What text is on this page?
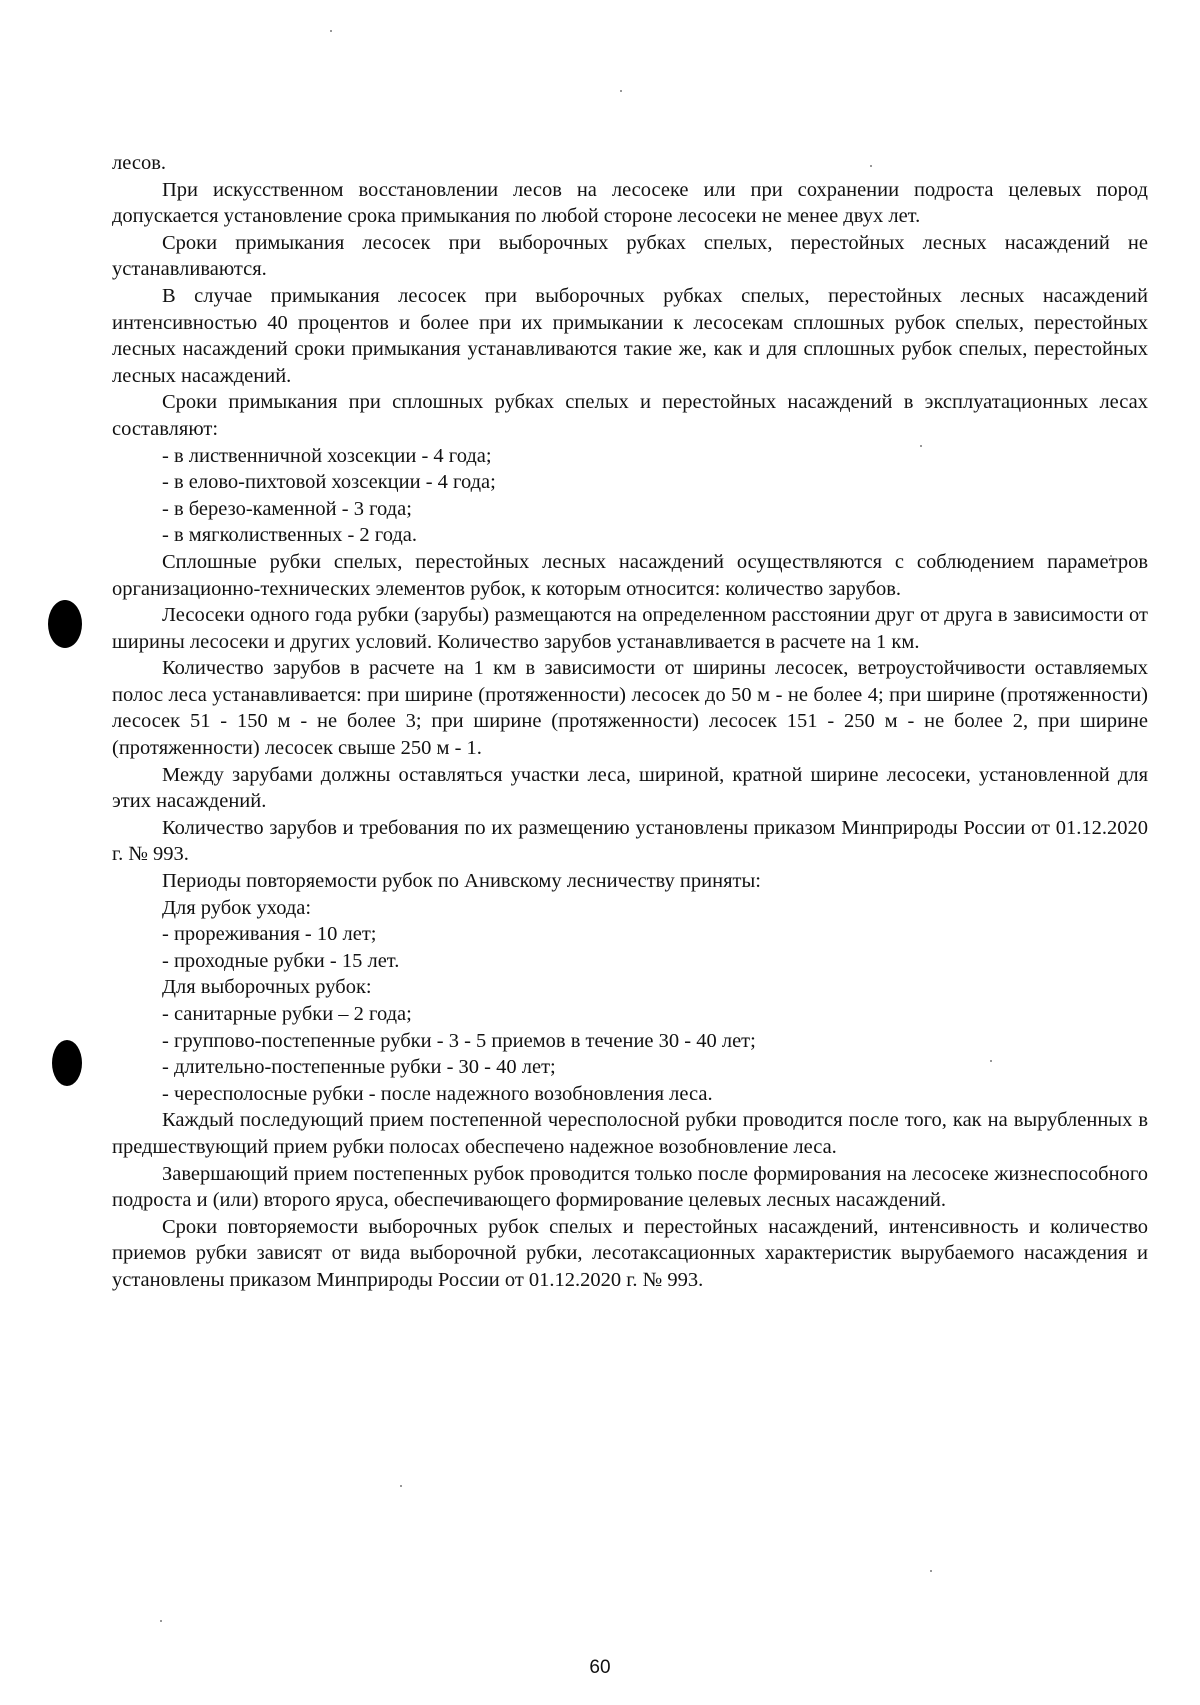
лесов.

При искусственном восстановлении лесов на лесосеке или при сохранении подроста целевых пород допускается установление срока примыкания по любой стороне лесосеки не менее двух лет.

Сроки примыкания лесосек при выборочных рубках спелых, перестойных лесных насаждений не устанавливаются.

В случае примыкания лесосек при выборочных рубках спелых, перестойных лесных насаждений интенсивностью 40 процентов и более при их примыкании к лесосекам сплошных рубок спелых, перестойных лесных насаждений сроки примыкания устанавливаются такие же, как и для сплошных рубок спелых, перестойных лесных насаждений.

Сроки примыкания при сплошных рубках спелых и перестойных насаждений в эксплуатационных лесах составляют:

- в лиственничной хозсекции - 4 года;

- в елово-пихтовой хозсекции - 4 года;

- в березо-каменной - 3 года;

- в мягколиственных - 2 года.

Сплошные рубки спелых, перестойных лесных насаждений осуществляются с соблюдением параметров организационно-технических элементов рубок, к которым относится: количество зарубов.

Лесосеки одного года рубки (зарубы) размещаются на определенном расстоянии друг от друга в зависимости от ширины лесосеки и других условий. Количество зарубов устанавливается в расчете на 1 км.

Количество зарубов в расчете на 1 км в зависимости от ширины лесосек, ветроустойчивости оставляемых полос леса устанавливается: при ширине (протяженности) лесосек до 50 м - не более 4; при ширине (протяженности) лесосек 51 - 150 м - не более 3; при ширине (протяженности) лесосек 151 - 250 м - не более 2, при ширине (протяженности) лесосек свыше 250 м - 1.

Между зарубами должны оставляться участки леса, шириной, кратной ширине лесосеки, установленной для этих насаждений.

Количество зарубов и требования по их размещению установлены приказом Минприроды России от 01.12.2020 г. № 993.

Периоды повторяемости рубок по Анивскому лесничеству приняты:

Для рубок ухода:

- прореживания - 10 лет;

- проходные рубки - 15 лет.

Для выборочных рубок:

- санитарные рубки – 2 года;

- группово-постепенные рубки - 3 - 5 приемов в течение 30 - 40 лет;

- длительно-постепенные рубки - 30 - 40 лет;

- чересполосные рубки - после надежного возобновления леса.

Каждый последующий прием постепенной чересполосной рубки проводится после того, как на вырубленных в предшествующий прием рубки полосах обеспечено надежное возобновление леса.

Завершающий прием постепенных рубок проводится только после формирования на лесосеке жизнеспособного подроста и (или) второго яруса, обеспечивающего формирование целевых лесных насаждений.

Сроки повторяемости выборочных рубок спелых и перестойных насаждений, интенсивность и количество приемов рубки зависят от вида выборочной рубки, лесотаксационных характеристик вырубаемого насаждения и установлены приказом Минприроды России от 01.12.2020 г. № 993.

60
